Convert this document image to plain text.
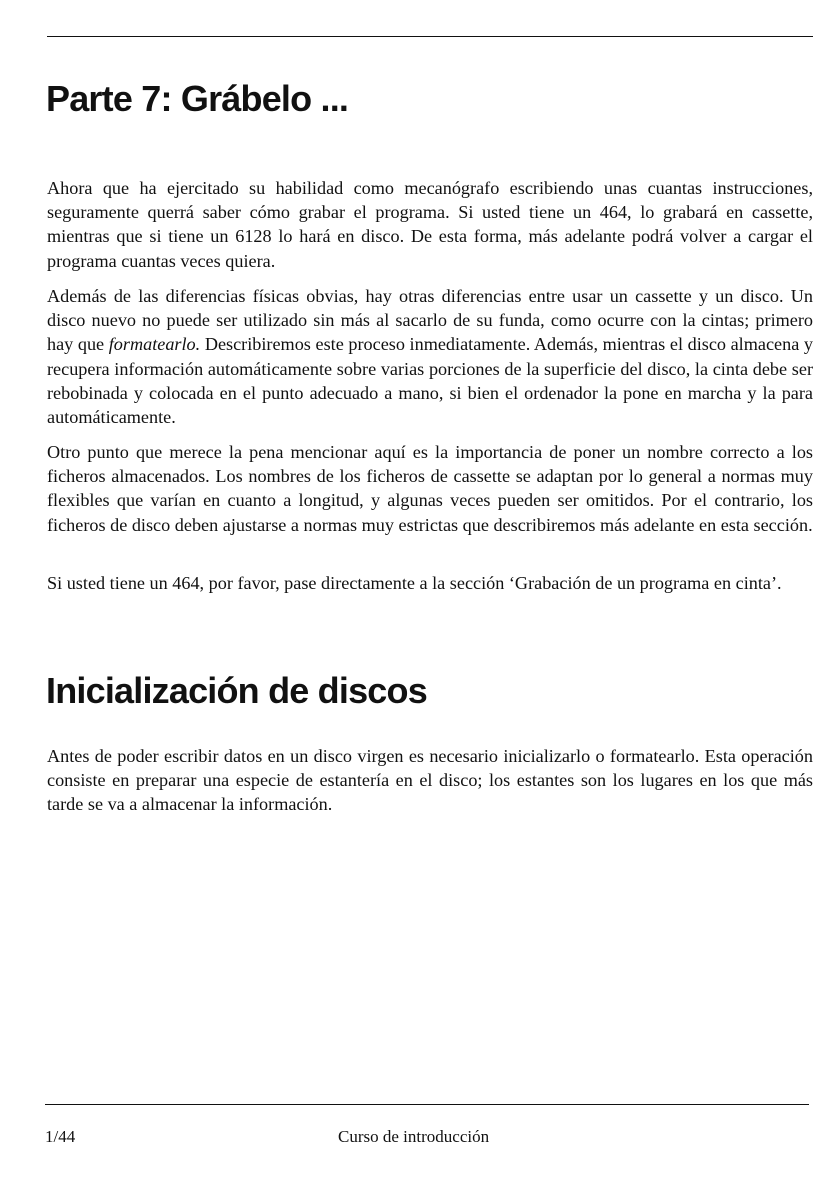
Parte 7: Grábelo ...

Ahora que ha ejercitado su habilidad como mecanógrafo escribiendo unas cuantas instrucciones, seguramente querrá saber cómo grabar el programa. Si usted tiene un 464, lo grabará en cassette, mientras que si tiene un 6128 lo hará en disco. De esta forma, más adelante podrá volver a cargar el programa cuantas veces quiera.

Además de las diferencias físicas obvias, hay otras diferencias entre usar un cassette y un disco. Un disco nuevo no puede ser utilizado sin más al sacarlo de su funda, como ocurre con la cintas; primero hay que formatearlo. Describiremos este proceso inmediatamente. Además, mientras el disco almacena y recupera información automáticamente sobre varias porciones de la superficie del disco, la cinta debe ser rebobinada y colocada en el punto adecuado a mano, si bien el ordenador la pone en marcha y la para automáticamente.

Otro punto que merece la pena mencionar aquí es la importancia de poner un nombre correcto a los ficheros almacenados. Los nombres de los ficheros de cassette se adaptan por lo general a normas muy flexibles que varían en cuanto a longitud, y algunas veces pueden ser omitidos. Por el contrario, los ficheros de disco deben ajustarse a normas muy estrictas que describiremos más adelante en esta sección.

Si usted tiene un 464, por favor, pase directamente a la sección ‘Grabación de un programa en cinta’.

Inicialización de discos

Antes de poder escribir datos en un disco virgen es necesario inicializarlo o formatearlo. Esta operación consiste en preparar una especie de estantería en el disco; los estantes son los lugares en los que más tarde se va a almacenar la información.

1/44	Curso de introducción
